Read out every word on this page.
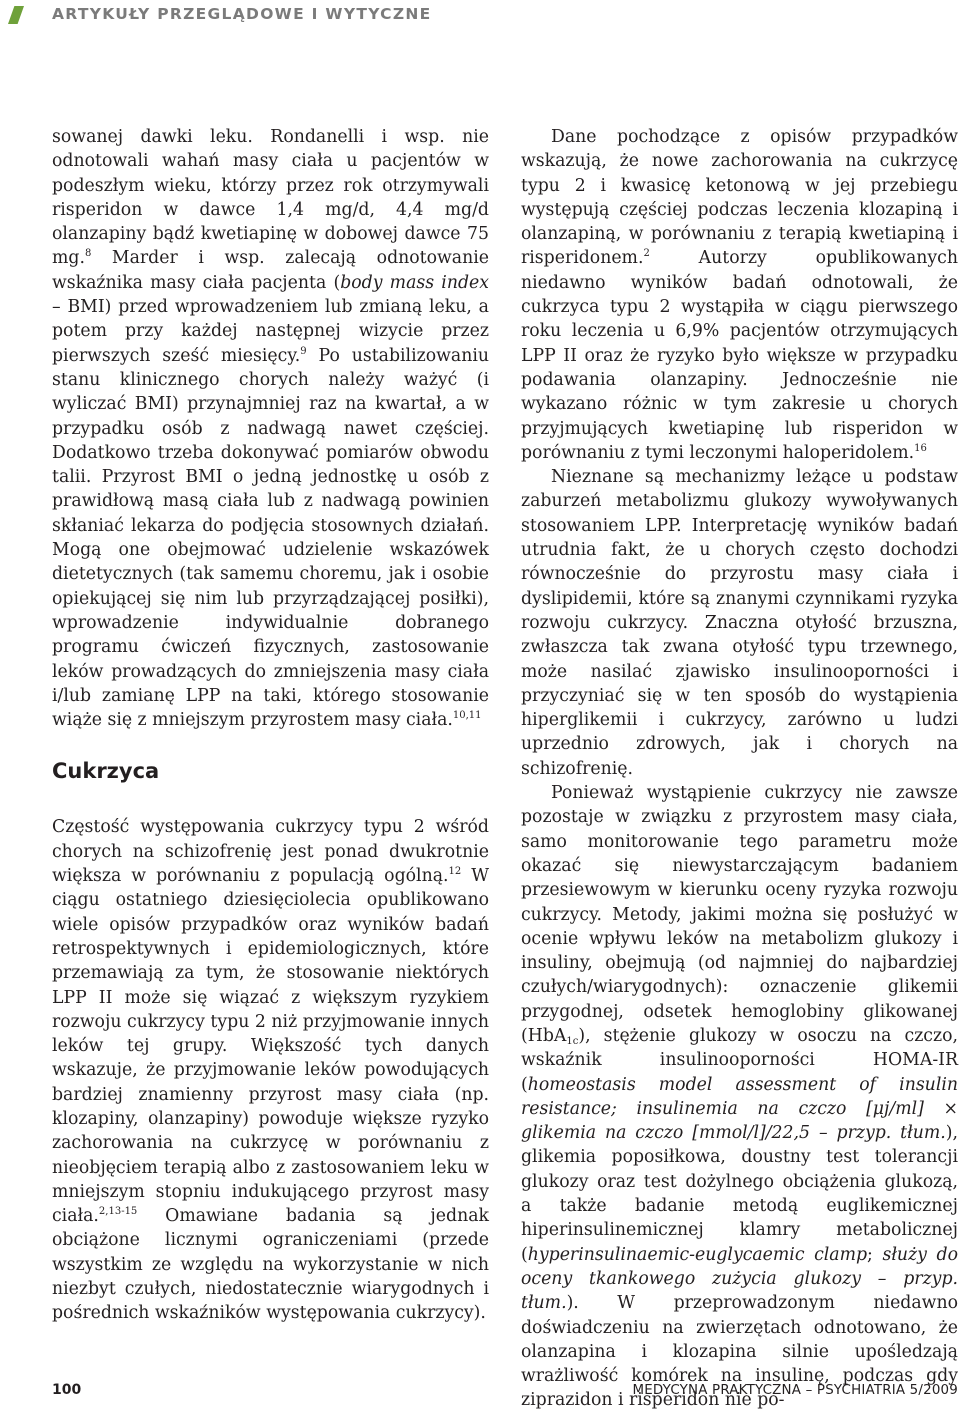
ARTYKUŁY PRZEGLĄDOWE I WYTYCZNE

sowanej dawki leku. Rondanelli i wsp. nie odnotowali wahań masy ciała u pacjentów w podeszłym wieku, którzy przez rok otrzymywali risperidon w dawce 1,4 mg/d, 4,4 mg/d olanzapiny bądź kwetiapinę w dobowej dawce 75 mg.$^8$ Marder i wsp. zalecają odnotowanie wskaźnika masy ciała pacjenta (body mass index – BMI) przed wprowadzeniem lub zmianą leku, a potem przy każdej następnej wizycie przez pierwszych sześć miesięcy.$^9$ Po ustabilizowaniu stanu klinicznego chorych należy ważyć (i wyliczać BMI) przynajmniej raz na kwartał, a w przypadku osób z nadwagą nawet częściej. Dodatkowo trzeba dokonywać pomiarów obwodu talii. Przyrost BMI o jedną jednostkę u osób z prawidłową masą ciała lub z nadwagą powinien skłaniać lekarza do podjęcia stosownych działań. Mogą one obejmować udzielenie wskazówek dietetycznych (tak samemu choremu, jak i osobie opiekującej się nim lub przyrządzającej posiłki), wprowadzenie indywidualnie dobranego programu ćwiczeń fizycznych, zastosowanie leków prowadzących do zmniejszenia masy ciała i/lub zamianę LPP na taki, którego stosowanie wiąże się z mniejszym przyrostem masy ciała.$^{10,11}$

Cukrzyca

Częstość występowania cukrzycy typu 2 wśród chorych na schizofrenię jest ponad dwukrotnie większa w porównaniu z populacją ogólną.$^{12}$ W ciągu ostatniego dziesięciolecia opublikowano wiele opisów przypadków oraz wyników badań retrospektywnych i epidemiologicznych, które przemawiają za tym, że stosowanie niektórych LPP II może się wiązać z większym ryzykiem rozwoju cukrzycy typu 2 niż przyjmowanie innych leków tej grupy. Większość tych danych wskazuje, że przyjmowanie leków powodujących bardziej znamienny przyrost masy ciała (np. klozapiny, olanzapiny) powoduje większe ryzyko zachorowania na cukrzycę w porównaniu z nieobjęciem terapią albo z zastosowaniem leku w mniejszym stopniu indukującego przyrost masy ciała.$^{2,13-15}$ Omawiane badania są jednak obciążone licznymi ograniczeniami (przede wszystkim ze względu na wykorzystanie w nich niezbyt czułych, niedostatecznie wiarygodnych i pośrednich wskaźników występowania cukrzycy).

Dane pochodzące z opisów przypadków wskazują, że nowe zachorowania na cukrzycę typu 2 i kwasicę ketonową w jej przebiegu występują częściej podczas leczenia klozapiną i olanzapiną, w porównaniu z terapią kwetiapiną i risperidonem.$^2$ Autorzy opublikowanych niedawno wyników badań odnotowali, że cukrzyca typu 2 wystąpiła w ciągu pierwszego roku leczenia u 6,9% pacjentów otrzymujących LPP II oraz że ryzyko było większe w przypadku podawania olanzapiny. Jednocześnie nie wykazano różnic w tym zakresie u chorych przyjmujących kwetiapinę lub risperidon w porównaniu z tymi leczonymi haloperidolem.$^{16}$

Nieznane są mechanizmy leżące u podstaw zaburzeń metabolizmu glukozy wywoływanych stosowaniem LPP. Interpretację wyników badań utrudnia fakt, że u chorych często dochodzi równocześnie do przyrostu masy ciała i dyslipidemii, które są znanymi czynnikami ryzyka rozwoju cukrzycy. Znaczna otyłość brzuszna, zwłaszcza tak zwana otyłość typu trzewnego, może nasilać zjawisko insulinooporności i przyczyniać się w ten sposób do wystąpienia hiperglikemii i cukrzycy, zarówno u ludzi uprzednio zdrowych, jak i chorych na schizofrenię.

Ponieważ wystąpienie cukrzycy nie zawsze pozostaje w związku z przyrostem masy ciała, samo monitorowanie tego parametru może okazać się niewystarczającym badaniem przesiewowym w kierunku oceny ryzyka rozwoju cukrzycy. Metody, jakimi można się posłużyć w ocenie wpływu leków na metabolizm glukozy i insuliny, obejmują (od najmniej do najbardziej czułych/wiarygodnych): oznaczenie glikemii przygodnej, odsetek hemoglobiny glikowanej (HbA$_{1c}$), stężenie glukozy w osoczu na czczo, wskaźnik insulinooporności HOMA-IR (homeostasis model assessment of insulin resistance; insulinemia na czczo [μj/ml] × glikemia na czczo [mmol/l]/22,5 – przyp. tłum.), glikemia poposiłkowa, doustny test tolerancji glukozy oraz test dożylnego obciążenia glukozą, a także badanie metodą euglikemicznej hiperinsulinemicznej klamry metabolicznej (hyperinsulinaemic-euglycaemic clamp; służy do oceny tkankowego zużycia glukozy – przyp. tłum.). W przeprowadzonym niedawno doświadczeniu na zwierzętach odnotowano, że olanzapina i klozapina silnie upośledzają wrażliwość komórek na insulinę, podczas gdy ziprazidon i risperidon nie po-

100	MEDYCYNA PRAKTYCZNA – PSYCHIATRIA 5/2009
